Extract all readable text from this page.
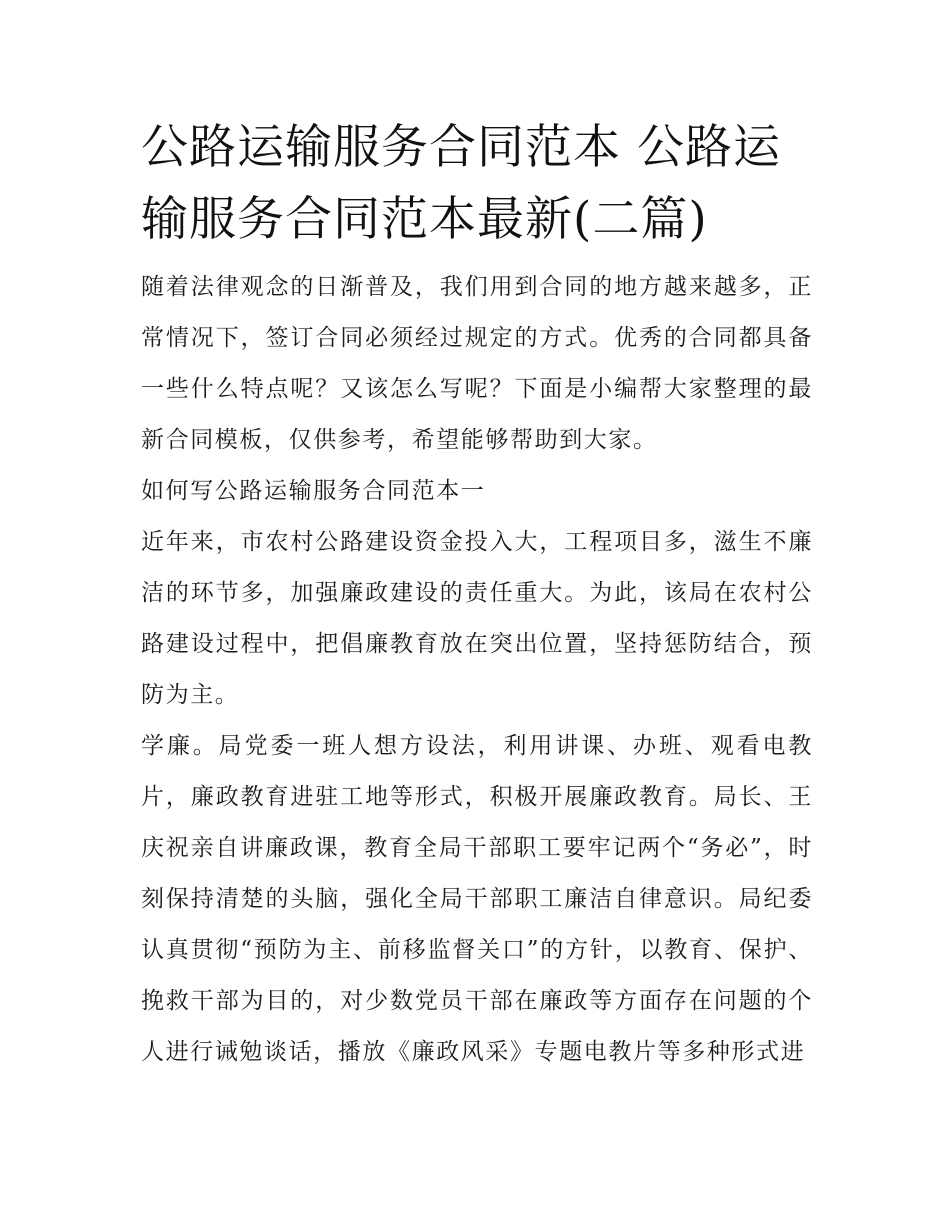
公路运输服务合同范本 公路运输服务合同范本最新(二篇)

随着法律观念的日渐普及，我们用到合同的地方越来越多，正常情况下，签订合同必须经过规定的方式。优秀的合同都具备一些什么特点呢？又该怎么写呢？下面是小编帮大家整理的最新合同模板，仅供参考，希望能够帮助到大家。

如何写公路运输服务合同范本一

近年来，市农村公路建设资金投入大，工程项目多，滋生不廉洁的环节多，加强廉政建设的责任重大。为此，该局在农村公路建设过程中，把倡廉教育放在突出位置，坚持惩防结合，预防为主。

学廉。局党委一班人想方设法，利用讲课、办班、观看电教片，廉政教育进驻工地等形式，积极开展廉政教育。局长、王庆祝亲自讲廉政课，教育全局干部职工要牢记两个“务必”，时刻保持清楚的头脑，强化全局干部职工廉洁自律意识。局纪委认真贯彻“预防为主、前移监督关口”的方针，以教育、保护、挽救干部为目的，对少数党员干部在廉政等方面存在问题的个人进行诫勉谈话，播放《廉政风采》专题电教片等多种形式进
